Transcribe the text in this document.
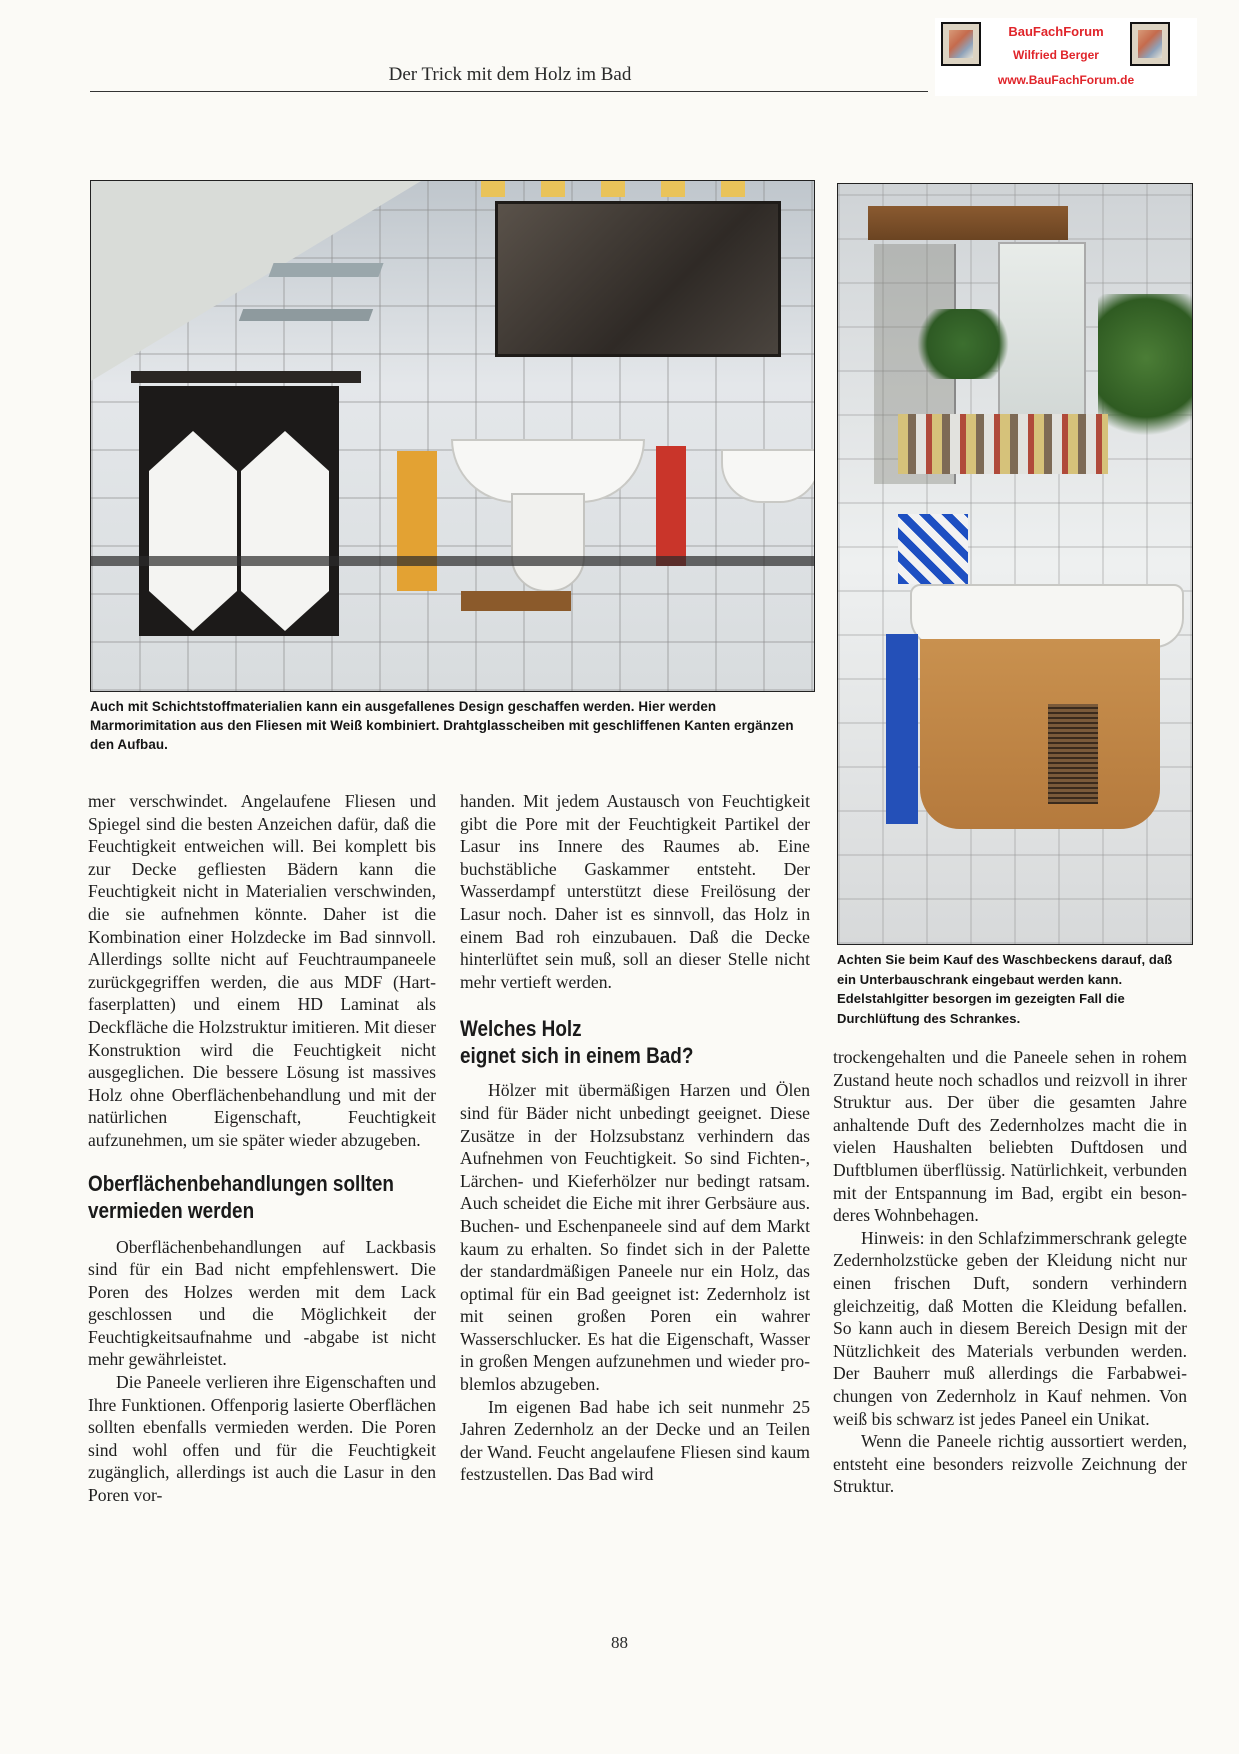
Der Trick mit dem Holz im Bad
BauFachForum
Wilfried Berger
www.BauFachForum.de
Auch mit Schichtstoffmaterialien kann ein ausgefallenes Design geschaffen werden. Hier werden Marmorimitation aus den Fliesen mit Weiß kombiniert. Drahtglasscheiben mit geschliffenen Kanten ergänzen den Aufbau.
Achten Sie beim Kauf des Waschbeckens darauf, daß ein Unterbauschrank eingebaut werden kann. Edelstahlgitter besorgen im gezeigten Fall die Durchlüftung des Schrankes.

mer verschwindet. Angelaufene Fliesen und Spiegel sind die besten Anzeichen dafür, daß die Feuchtigkeit entweichen will. Bei komplett bis zur Decke gefliesten Bädern kann die Feuchtigkeit nicht in Materialien verschwinden, die sie aufnehmen könnte. Daher ist die Kombination einer Holzdecke im Bad sinnvoll. Allerdings sollte nicht auf Feuchtraumpaneele zurückgegriffen werden, die aus MDF (Hartfaserplatten) und einem HD Laminat als Deckfläche die Holzstruktur imitieren. Mit dieser Konstruktion wird die Feuchtigkeit nicht ausgeglichen. Die bessere Lösung ist massives Holz ohne Oberflächenbehandlung und mit der natürlichen Eigenschaft, Feuchtigkeit aufzunehmen, um sie später wieder abzugeben.

Oberflächenbehandlungen sollten
vermieden werden

Oberflächenbehandlungen auf Lackbasis sind für ein Bad nicht empfehlenswert. Die Poren des Holzes werden mit dem Lack geschlossen und die Möglichkeit der Feuchtigkeitsaufnahme und -abgabe ist nicht mehr gewährleistet.

Die Paneele verlieren ihre Eigenschaften und Ihre Funktionen. Offenporig lasierte Oberflächen sollten ebenfalls vermieden werden. Die Poren sind wohl offen und für die Feuchtigkeit zugänglich, allerdings ist auch die Lasur in den Poren vor-

handen. Mit jedem Austausch von Feuchtigkeit gibt die Pore mit der Feuchtigkeit Partikel der Lasur ins Innere des Raumes ab. Eine buchstäbliche Gaskammer entsteht. Der Wasserdampf unterstützt diese Freilösung der Lasur noch. Daher ist es sinnvoll, das Holz in einem Bad roh einzubauen. Daß die Decke hinterlüftet sein muß, soll an dieser Stelle nicht mehr vertieft werden.

Welches Holz
eignet sich in einem Bad?

Hölzer mit übermäßigen Harzen und Ölen sind für Bäder nicht unbedingt geeignet. Diese Zusätze in der Holzsubstanz verhindern das Aufnehmen von Feuchtigkeit. So sind Fichten-, Lärchen- und Kieferhölzer nur bedingt ratsam. Auch scheidet die Eiche mit ihrer Gerbsäure aus. Buchen- und Eschenpaneele sind auf dem Markt kaum zu erhalten. So findet sich in der Palette der standardmäßigen Paneele nur ein Holz, das optimal für ein Bad geeignet ist: Zedernholz ist mit seinen großen Poren ein wahrer Wasserschlucker. Es hat die Eigenschaft, Wasser in großen Mengen aufzunehmen und wieder problemlos abzugeben.

Im eigenen Bad habe ich seit nunmehr 25 Jahren Zedernholz an der Decke und an Teilen der Wand. Feucht angelaufene Fliesen sind kaum festzustellen. Das Bad wird

trockengehalten und die Paneele sehen in rohem Zustand heute noch schadlos und reizvoll in ihrer Struktur aus. Der über die gesamten Jahre anhaltende Duft des Zedernholzes macht die in vielen Haushalten beliebten Duftdosen und Duftblumen überflüssig. Natürlichkeit, verbunden mit der Entspannung im Bad, ergibt ein besonderes Wohnbehagen.

Hinweis: in den Schlafzimmerschrank gelegte Zedernholzstücke geben der Kleidung nicht nur einen frischen Duft, sondern verhindern gleichzeitig, daß Motten die Kleidung befallen. So kann auch in diesem Bereich Design mit der Nützlichkeit des Materials verbunden werden. Der Bauherr muß allerdings die Farbabweichungen von Zedernholz in Kauf nehmen. Von weiß bis schwarz ist jedes Paneel ein Unikat.

Wenn die Paneele richtig aussortiert werden, entsteht eine besonders reizvolle Zeichnung der Struktur.

88
